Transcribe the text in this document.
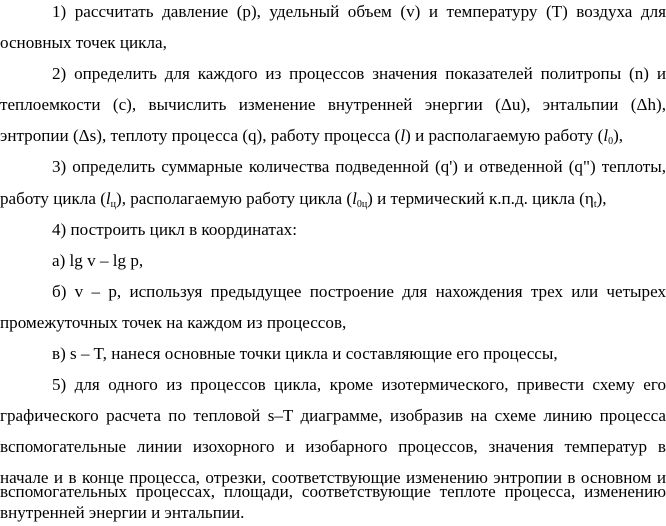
1) рассчитать давление (р), удельный объем (v) и температуру (Т) воздуха для
основных точек цикла,
2) определить для каждого из процессов значения показателей политропы (n) и
теплоемкости (с), вычислить изменение внутренней энергии (Δu), энтальпии (Δh),
энтропии (Δs), теплоту процесса (q), работу процесса (l) и располагаемую работу (l0),
3) определить суммарные количества подведенной (q') и отведенной (q") теплоты,
работу цикла (lц), располагаемую работу цикла (l0ц) и термический к.п.д. цикла (ηt),
4) построить цикл в координатах:
а) lg v – lg p,
б) v – p, используя предыдущее построение для нахождения трех или четырех
промежуточных точек на каждом из процессов,
в) s – T, нанеся основные точки цикла и составляющие его процессы,
5) для одного из процессов цикла, кроме изотермического, привести схему его
графического расчета по тепловой s–T диаграмме, изобразив на схеме линию процесса
вспомогательные линии изохорного и изобарного процессов, значения температур в
начале и в конце процесса, отрезки, соответствующие изменению энтропии в основном и
вспомогательных процессах, площади, соответствующие теплоте процесса, изменению
внутренней энергии и энтальпии.
